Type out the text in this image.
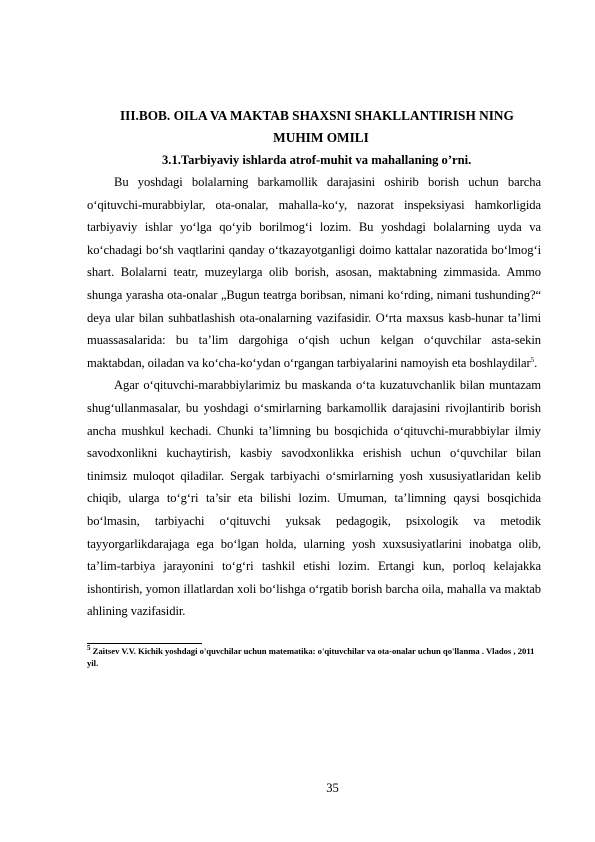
III.BOB. OILA VA MAKTAB SHAXSNI SHAKLLANTIRISH NING
MUHIM OMILI
3.1.Tarbiyaviy ishlarda atrof-muhit va mahallaning o’rni.

Bu yoshdagi bolalarning barkamollik darajasini oshirib borish uchun barcha o‘qituvchi-murabbiylar, ota-onalar, mahalla-ko‘y, nazorat inspeksiyasi hamkorligida tarbiyaviy ishlar yo‘lga qo‘yib borilmog‘i lozim. Bu yoshdagi bolalarning uyda va ko‘chadagi bo‘sh vaqtlarini qanday o‘tkazayotganligi doimo kattalar nazoratida bo‘lmog‘i shart. Bolalarni teatr, muzeylarga olib borish, asosan, maktabning zimmasida. Ammo shunga yarasha ota-onalar „Bugun teatrga boribsan, nimani ko‘rding, nimani tushunding?“ deya ular bilan suhbatlashish ota-onalarning vazifasidir. O‘rta maxsus kasb-hunar ta’limi muassasalarida: bu ta’lim dargohiga o‘qish uchun kelgan o‘quvchilar asta-sekin maktabdan, oiladan va ko‘cha-ko‘ydan o‘rgangan tarbiyalarini namoyish eta boshlaydilar$^5$.

Agar o‘qituvchi-marabbiylarimiz bu maskanda o‘ta kuzatuvchanlik bilan muntazam shug‘ullanmasalar, bu yoshdagi o‘smirlarning barkamollik darajasini rivojlantirib borish ancha mushkul kechadi. Chunki ta’limning bu bosqichida o‘qituvchi-murabbiylar ilmiy savodxonlikni kuchaytirish, kasbiy savodxonlikka erishish uchun o‘quvchilar bilan tinimsiz muloqot qiladilar. Sergak tarbiyachi o‘smirlarning yosh xususiyatlaridan kelib chiqib, ularga to‘g‘ri ta’sir eta bilishi lozim. Umuman, ta’limning qaysi bosqichida bo‘lmasin, tarbiyachi o‘qituvchi yuksak pedagogik, psixologik va metodik tayyorgarlikdarajaga ega bo‘lgan holda, ularning yosh xuxsusiyatlarini inobatga olib, ta’lim-tarbiya jarayonini to‘g‘ri tashkil etishi lozim. Ertangi kun, porloq kelajakka ishontirish, yomon illatlardan xoli bo‘lishga o‘rgatib borish barcha oila, mahalla va maktab ahlining vazifasidir.

$^5$ Zaitsev V.V. Kichik yoshdagi o'quvchilar uchun matematika: o'qituvchilar va ota-onalar uchun qo'llanma . Vlados , 2011 yil.
35
